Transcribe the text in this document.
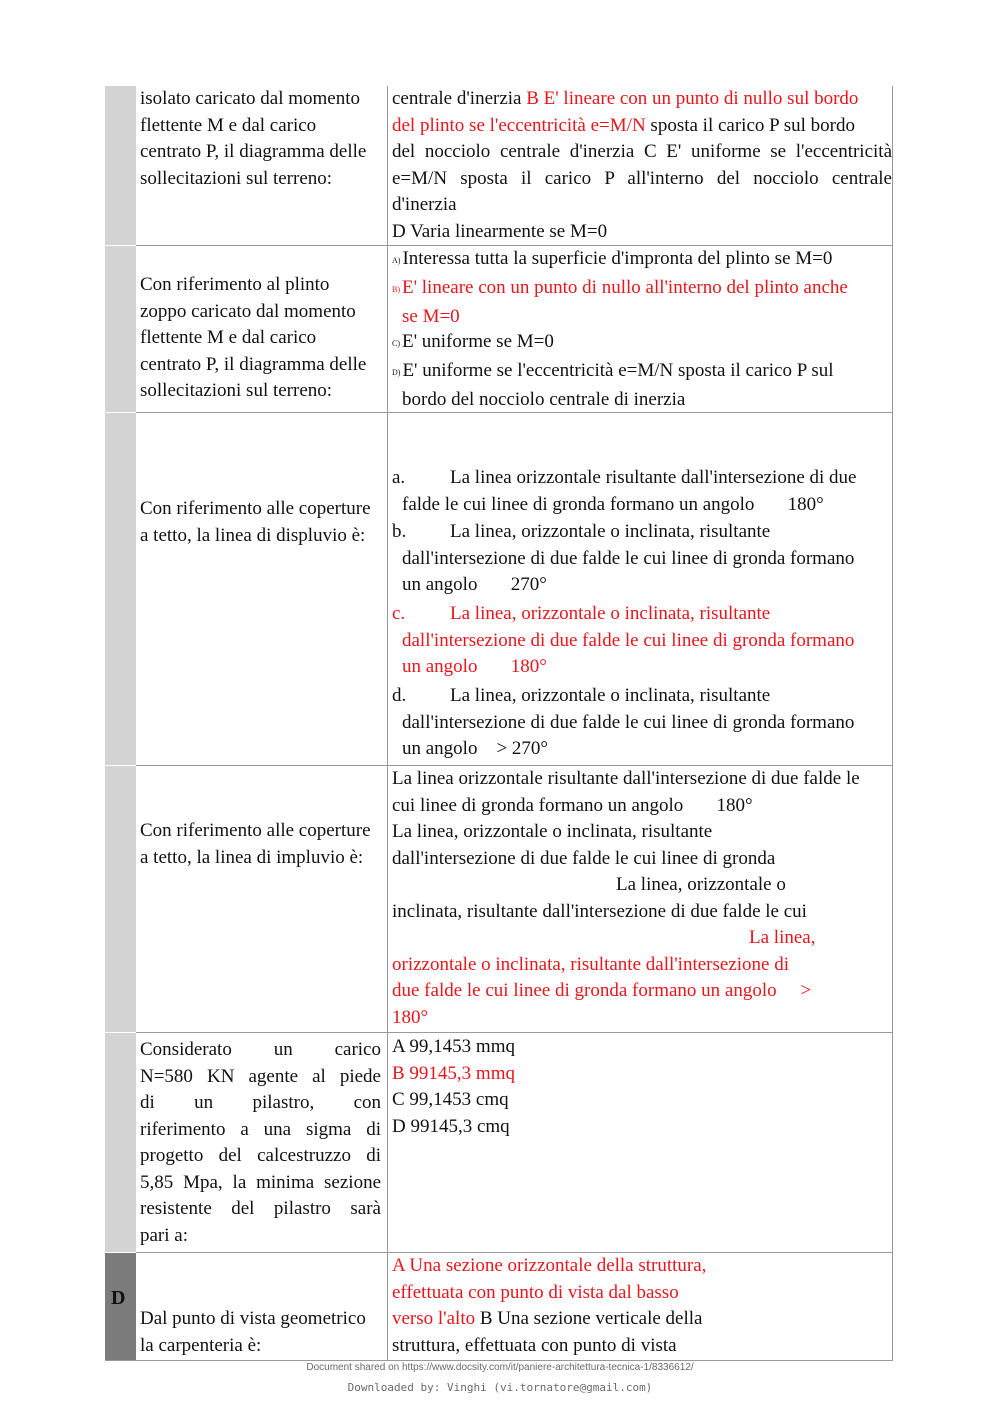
isolato caricato dal momento
flettente M e dal carico
centrato P, il diagramma delle
sollecitazioni sul terreno:
centrale d'inerzia B E' lineare con un punto di nullo sul bordo
del plinto se l'eccentricità e=M/N sposta il carico P sul bordo
del nocciolo centrale d'inerzia C E' uniforme se l'eccentricità
e=M/N sposta il carico P all'interno del nocciolo centrale
d'inerzia
D Varia linearmente se M=0
Con riferimento al plinto
zoppo caricato dal momento
flettente M e dal carico
centrato P, il diagramma delle
sollecitazioni sul terreno:
A) Interessa tutta la superficie d'impronta del plinto se M=0
B) E' lineare con un punto di nullo all'interno del plinto anche
se M=0
C) E' uniforme se M=0
D) E' uniforme se l'eccentricità e=M/N sposta il carico P sul
bordo del nocciolo centrale di inerzia
Con riferimento alle coperture
a tetto, la linea di displuvio è:
a. La linea orizzontale risultante dall'intersezione di due
falde le cui linee di gronda formano un angolo       180°
b. La linea, orizzontale o inclinata, risultante
dall'intersezione di due falde le cui linee di gronda formano
un angolo       270°
c. La linea, orizzontale o inclinata, risultante
dall'intersezione di due falde le cui linee di gronda formano
un angolo       180°
d. La linea, orizzontale o inclinata, risultante
dall'intersezione di due falde le cui linee di gronda formano
un angolo    > 270°
Con riferimento alle coperture
a tetto, la linea di impluvio è:
La linea orizzontale risultante dall'intersezione di due falde le
cui linee di gronda formano un angolo       180°
La linea, orizzontale o inclinata, risultante
dall'intersezione di due falde le cui linee di gronda
La linea, orizzontale o
inclinata, risultante dall'intersezione di due falde le cui
La linea,
orizzontale o inclinata, risultante dall'intersezione di
due falde le cui linee di gronda formano un angolo     >
180°
Considerato un carico
N=580 KN agente al piede
di un pilastro, con
riferimento a una sigma di
progetto del calcestruzzo di
5,85 Mpa, la minima sezione
resistente del pilastro sarà
pari a:
A 99,1453 mmq
B 99145,3 mmq
C 99,1453 cmq
D 99145,3 cmq
D
Dal punto di vista geometrico
la carpenteria è:
A Una sezione orizzontale della struttura,
effettuata con punto di vista dal basso
verso l'alto B Una sezione verticale della
struttura, effettuata con punto di vista
Document shared on https://www.docsity.com/it/paniere-architettura-tecnica-1/8336612/
Downloaded by: Vinghi (vi.tornatore@gmail.com)
